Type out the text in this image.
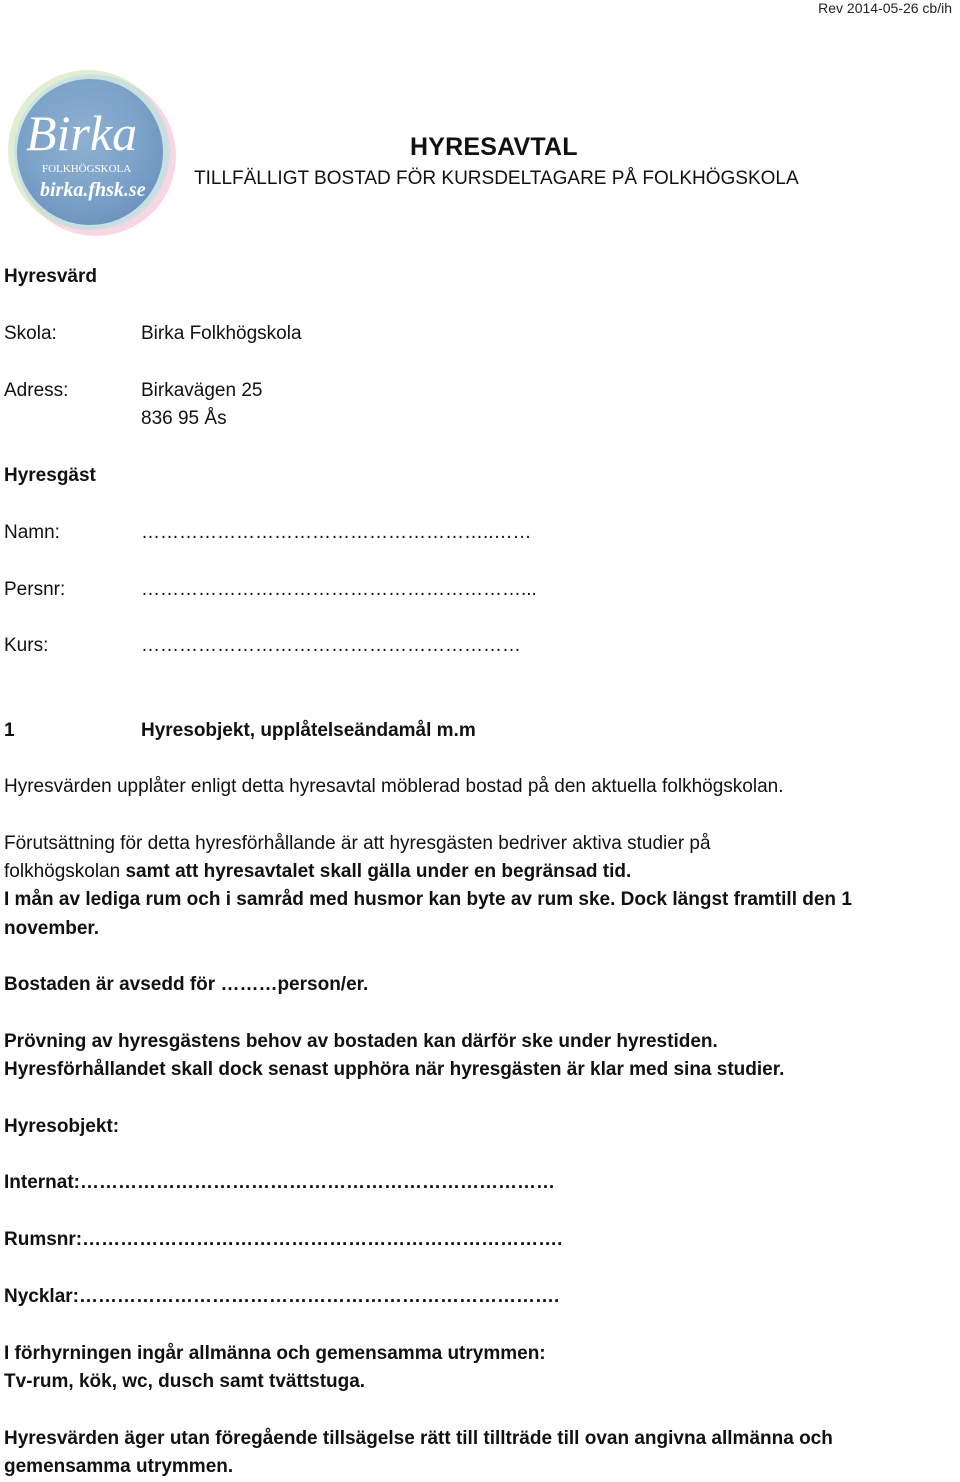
Rev 2014-05-26 cb/ih
Birka
FOLKHÖGSKOLA
birka.fhsk.se
HYRESAVTAL
TILLFÄLLIGT BOSTAD FÖR KURSDELTAGARE PÅ FOLKHÖGSKOLA
Hyresvärd
Skola:	Birka Folkhögskola
Adress:	Birkavägen 25
836 95 Ås
Hyresgäst
Namn:	………………………………………………..……
Persnr:	……………………………………………………...
Kurs:	……………………………………………………
1	Hyresobjekt, upplåtelseändamål m.m
Hyresvärden upplåter enligt detta hyresavtal möblerad bostad på den aktuella folkhögskolan.
Förutsättning för detta hyresförhållande är att hyresgästen bedriver aktiva studier på
folkhögskolan samt att hyresavtalet skall gälla under en begränsad tid.
I mån av lediga rum och i samråd med husmor kan byte av rum ske. Dock längst framtill den 1
november.
Bostaden är avsedd för ………person/er.
Prövning av hyresgästens behov av bostaden kan därför ske under hyrestiden.
Hyresförhållandet skall dock senast upphöra när hyresgästen är klar med sina studier.
Hyresobjekt:
Internat:…………………………………………………………………
Rumsnr:………………………………………………………………….
Nycklar:………………………………………………………………….
I förhyrningen ingår allmänna och gemensamma utrymmen:
Tv-rum, kök, wc, dusch samt tvättstuga.
Hyresvärden äger utan föregående tillsägelse rätt till tillträde till ovan angivna allmänna och
gemensamma utrymmen.
